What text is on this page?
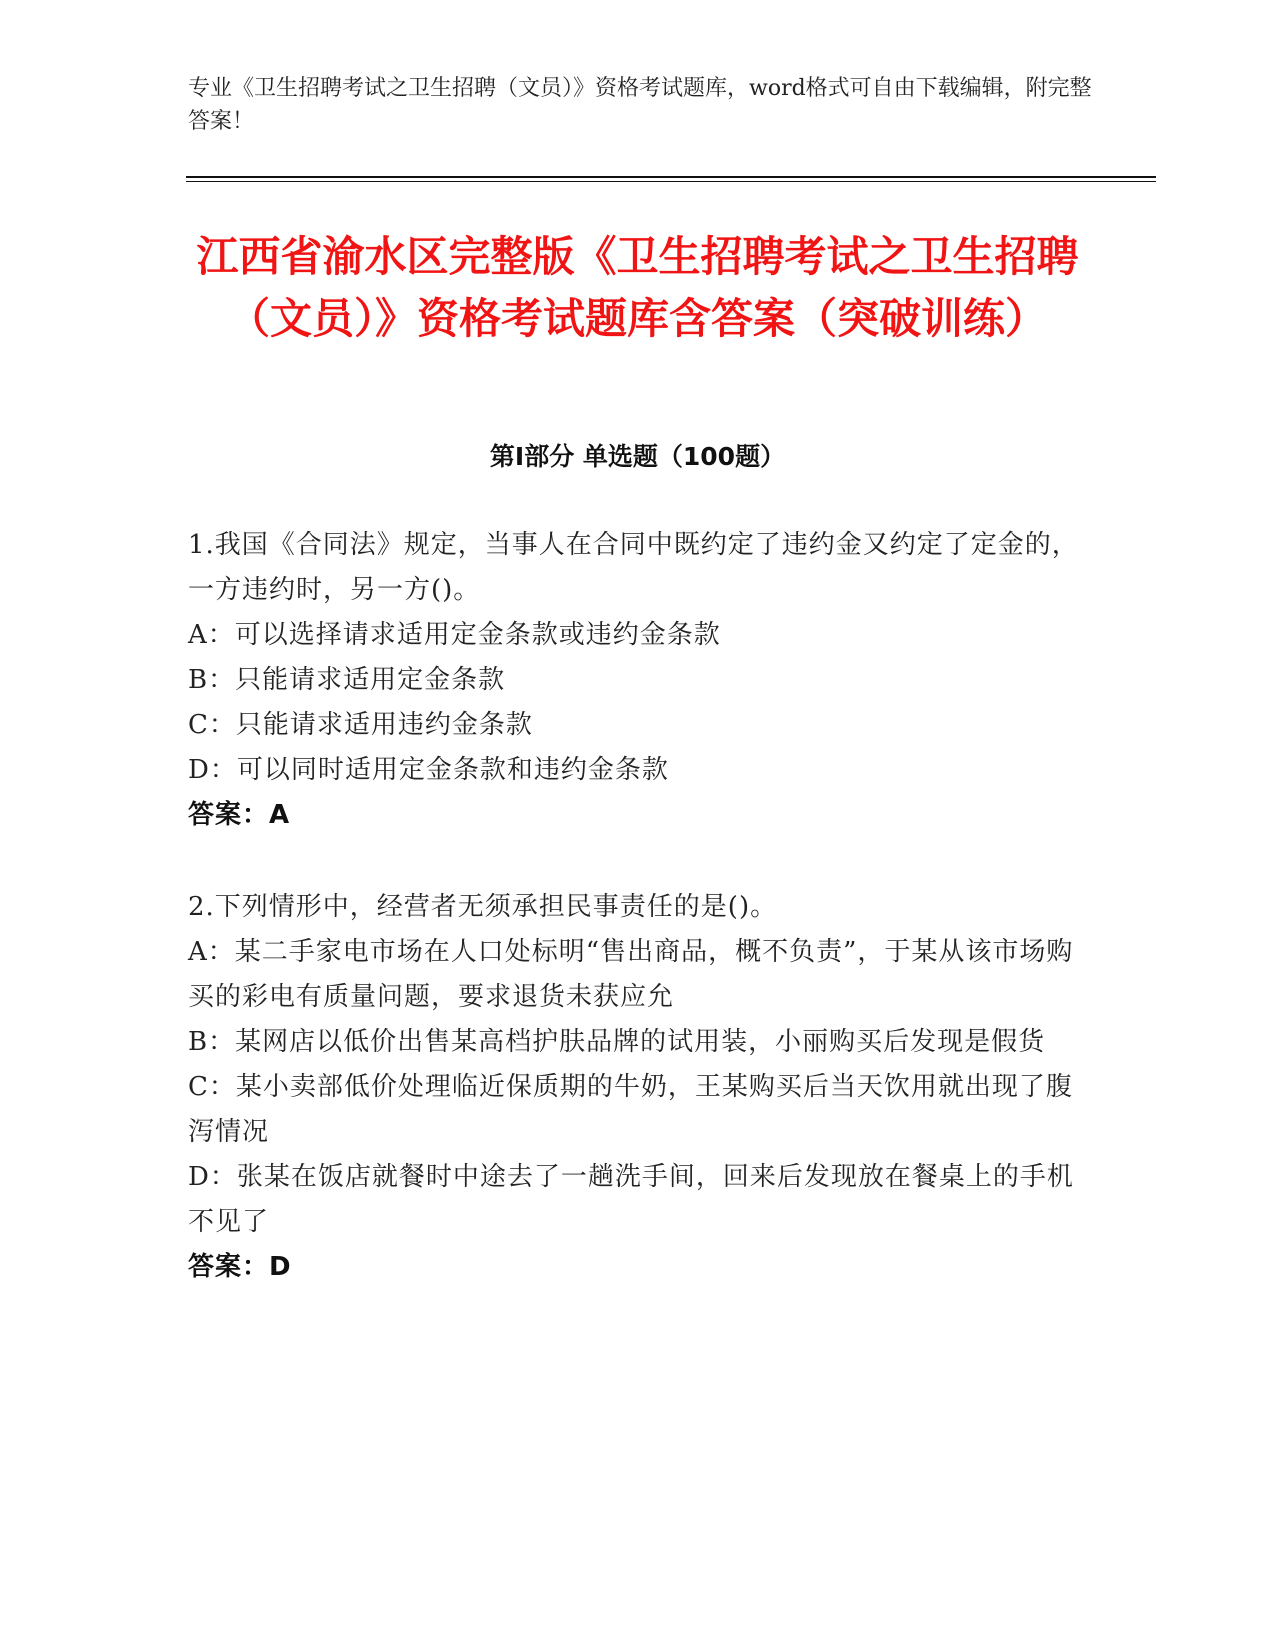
专业《卫生招聘考试之卫生招聘（文员）》资格考试题库，word格式可自由下载编辑，附完整答案！
江西省渝水区完整版《卫生招聘考试之卫生招聘（文员）》资格考试题库含答案（突破训练）
第I部分 单选题（100题）
1.我国《合同法》规定，当事人在合同中既约定了违约金又约定了定金的，一方违约时，另一方()。
A：可以选择请求适用定金条款或违约金条款
B：只能请求适用定金条款
C：只能请求适用违约金条款
D：可以同时适用定金条款和违约金条款
答案：A
2.下列情形中，经营者无须承担民事责任的是()。
A：某二手家电市场在人口处标明“售出商品，概不负责”，于某从该市场购买的彩电有质量问题，要求退货未获应允
B：某网店以低价出售某高档护肤品牌的试用装，小丽购买后发现是假货
C：某小卖部低价处理临近保质期的牛奶，王某购买后当天饮用就出现了腹泻情况
D：张某在饭店就餐时中途去了一趟洗手间，回来后发现放在餐桌上的手机不见了
答案：D
